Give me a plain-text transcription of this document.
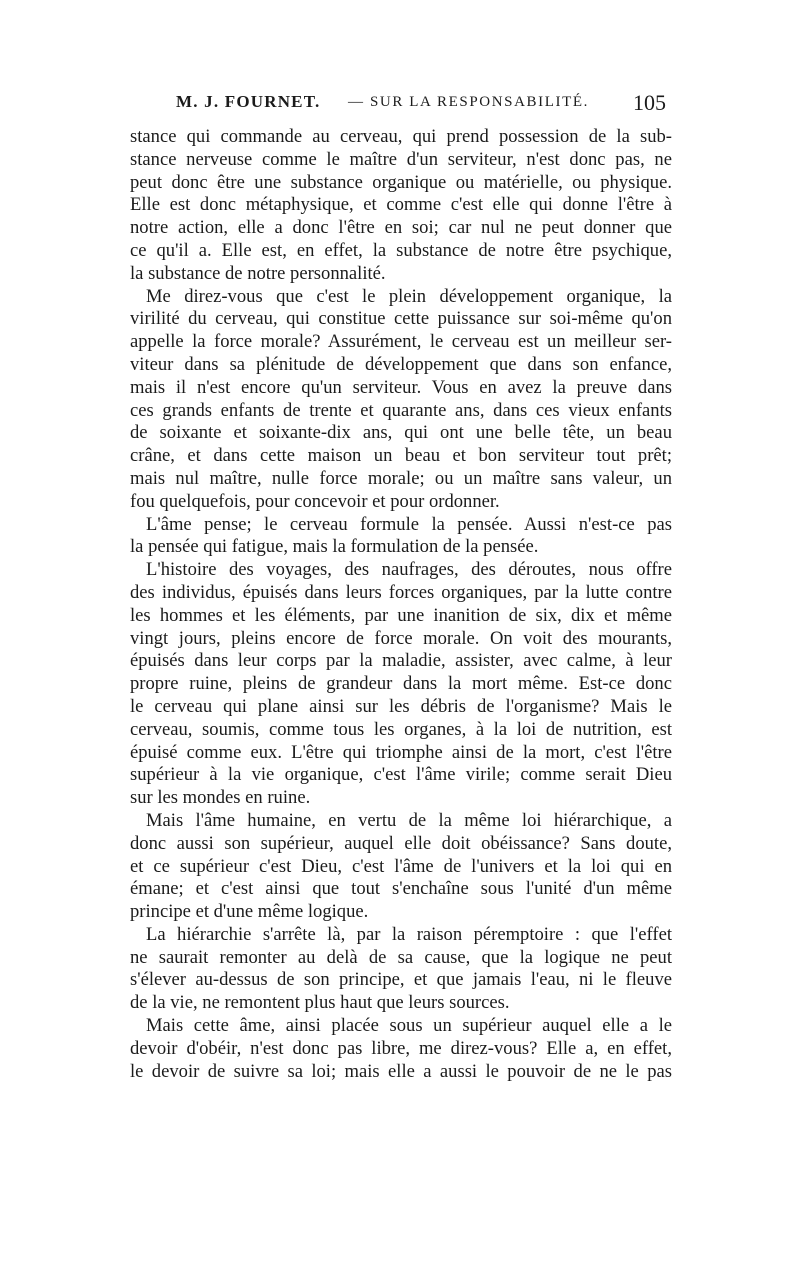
M. J. FOURNET. — SUR LA RESPONSABILITÉ. 105
stance qui commande au cerveau, qui prend possession de la sub-
stance nerveuse comme le maître d'un serviteur, n'est donc pas, ne
peut donc être une substance organique ou matérielle, ou physique.
Elle est donc métaphysique, et comme c'est elle qui donne l'être à
notre action, elle a donc l'être en soi; car nul ne peut donner que
ce qu'il a. Elle est, en effet, la substance de notre être psychique,
la substance de notre personnalité.
Me direz-vous que c'est le plein développement organique, la
virilité du cerveau, qui constitue cette puissance sur soi-même qu'on
appelle la force morale? Assurément, le cerveau est un meilleur ser-
viteur dans sa plénitude de développement que dans son enfance,
mais il n'est encore qu'un serviteur. Vous en avez la preuve dans
ces grands enfants de trente et quarante ans, dans ces vieux enfants
de soixante et soixante-dix ans, qui ont une belle tête, un beau
crâne, et dans cette maison un beau et bon serviteur tout prêt;
mais nul maître, nulle force morale; ou un maître sans valeur, un
fou quelquefois, pour concevoir et pour ordonner.
L'âme pense; le cerveau formule la pensée. Aussi n'est-ce pas
la pensée qui fatigue, mais la formulation de la pensée.
L'histoire des voyages, des naufrages, des déroutes, nous offre
des individus, épuisés dans leurs forces organiques, par la lutte contre
les hommes et les éléments, par une inanition de six, dix et même
vingt jours, pleins encore de force morale. On voit des mourants,
épuisés dans leur corps par la maladie, assister, avec calme, à leur
propre ruine, pleins de grandeur dans la mort même. Est-ce donc
le cerveau qui plane ainsi sur les débris de l'organisme? Mais le
cerveau, soumis, comme tous les organes, à la loi de nutrition, est
épuisé comme eux. L'être qui triomphe ainsi de la mort, c'est l'être
supérieur à la vie organique, c'est l'âme virile; comme serait Dieu
sur les mondes en ruine.
Mais l'âme humaine, en vertu de la même loi hiérarchique, a
donc aussi son supérieur, auquel elle doit obéissance? Sans doute,
et ce supérieur c'est Dieu, c'est l'âme de l'univers et la loi qui en
émane; et c'est ainsi que tout s'enchaîne sous l'unité d'un même
principe et d'une même logique.
La hiérarchie s'arrête là, par la raison péremptoire : que l'effet
ne saurait remonter au delà de sa cause, que la logique ne peut
s'élever au-dessus de son principe, et que jamais l'eau, ni le fleuve
de la vie, ne remontent plus haut que leurs sources.
Mais cette âme, ainsi placée sous un supérieur auquel elle a le
devoir d'obéir, n'est donc pas libre, me direz-vous? Elle a, en effet,
le devoir de suivre sa loi; mais elle a aussi le pouvoir de ne le pas
